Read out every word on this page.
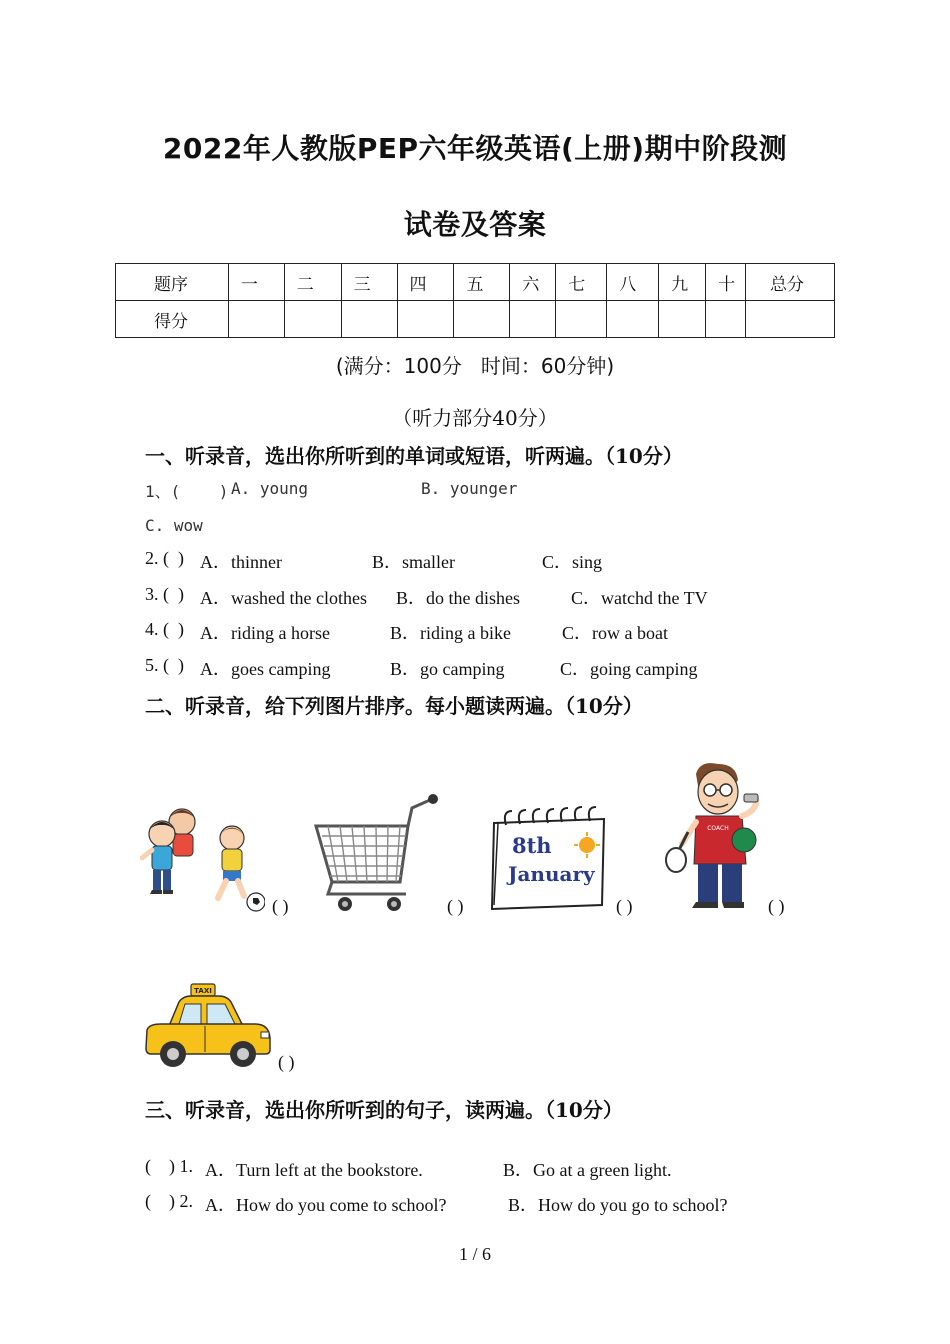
2022年人教版PEP六年级英语(上册)期中阶段测
试卷及答案
题序	一	二	三	四	五	六	七	八	九	十	总分
得分											
(满分：100分   时间：60分钟)
（听力部分40分）
一、听录音，选出你所听到的单词或短语，听两遍。（10分）
1、(    ) A. young	B. younger
C. wow
2. (  ) A．thinner	B．smaller	C．sing
3. (  ) A．washed the clothes B．do the dishes	C．watchd the TV
4. (  ) A．riding a horse	B．riding a bike	C．row a boat
5. (  ) A．goes camping	B．go camping	C．going camping
二、听录音，给下列图片排序。每小题读两遍。（10分）
( )	( )
8th
January
( )
COACH
( )
TAXI
( )
三、听录音，选出你所听到的句子，读两遍。（10分）
(    ) 1. A．Turn left at the bookstore.	B．Go at a green light.
(    ) 2. A．How do you come to school?	B．How do you go to school?
1 / 6
